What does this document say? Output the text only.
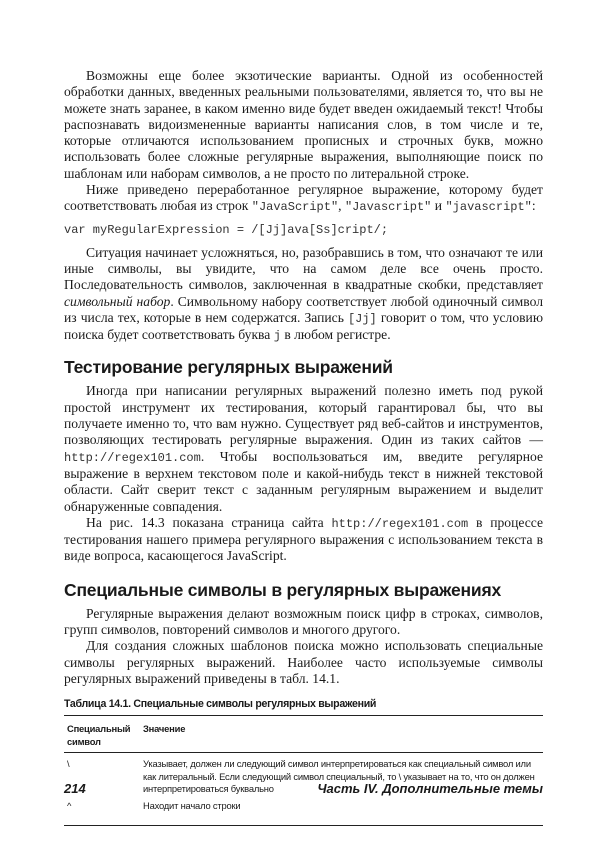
Возможны еще более экзотические варианты. Одной из особенностей обработки данных, введенных реальными пользователями, является то, что вы не можете знать заранее, в каком именно виде будет введен ожидаемый текст! Чтобы распознавать видоизмененные варианты написания слов, в том числе и те, которые отличаются использованием прописных и строчных букв, можно использовать более сложные регулярные выражения, выполняющие поиск по шаблонам или наборам символов, а не просто по литеральной строке.

Ниже приведено переработанное регулярное выражение, которому будет соответствовать любая из строк "JavaScript", "Javascript" и "javascript":

var myRegularExpression = /[Jj]ava[Ss]cript/;

Ситуация начинает усложняться, но, разобравшись в том, что означают те или иные символы, вы увидите, что на самом деле все очень просто. Последовательность символов, заключенная в квадратные скобки, представляет символьный набор. Символьному набору соответствует любой одиночный символ из числа тех, которые в нем содержатся. Запись [Jj] говорит о том, что условию поиска будет соответствовать буква j в любом регистре.

Тестирование регулярных выражений

Иногда при написании регулярных выражений полезно иметь под рукой простой инструмент их тестирования, который гарантировал бы, что вы получаете именно то, что вам нужно. Существует ряд веб-сайтов и инструментов, позволяющих тестировать регулярные выражения. Один из таких сайтов — http://regex101.com. Чтобы воспользоваться им, введите регулярное выражение в верхнем текстовом поле и какой-нибудь текст в нижней текстовой области. Сайт сверит текст с заданным регулярным выражением и выделит обнаруженные совпадения.

На рис. 14.3 показана страница сайта http://regex101.com в процессе тестирования нашего примера регулярного выражения с использованием текста в виде вопроса, касающегося JavaScript.

Специальные символы в регулярных выражениях

Регулярные выражения делают возможным поиск цифр в строках, символов, групп символов, повторений символов и многого другого.

Для создания сложных шаблонов поиска можно использовать специальные символы регулярных выражений. Наиболее часто используемые символы регулярных выражений приведены в табл. 14.1.

Таблица 14.1. Специальные символы регулярных выражений
Специальный символ	Значение
\	Указывает, должен ли следующий символ интерпретироваться как специальный символ или как литеральный. Если следующий символ специальный, то \ указывает на то, что он должен интерпретироваться буквально
^	Находит начало строки
214	Часть IV. Дополнительные темы
